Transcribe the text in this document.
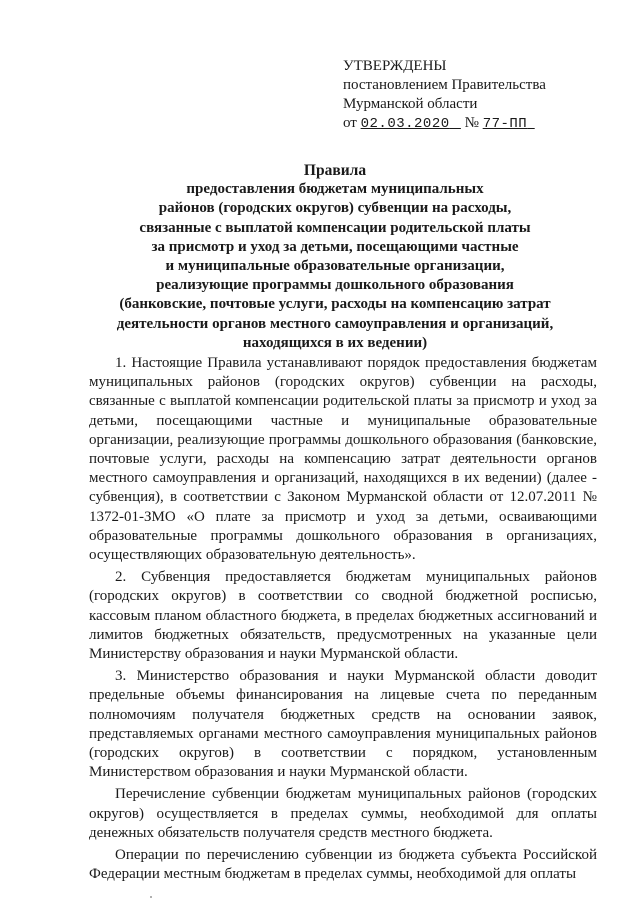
УТВЕРЖДЕНЫ
постановлением Правительства
Мурманской области
от 02.03.2020 № 77-ПП
Правила
предоставления бюджетам муниципальных
районов (городских округов) субвенции на расходы,
связанные с выплатой компенсации родительской платы
за присмотр и уход за детьми, посещающими частные
и муниципальные образовательные организации,
реализующие программы дошкольного образования
(банковские, почтовые услуги, расходы на компенсацию затрат
деятельности органов местного самоуправления и организаций,
находящихся в их ведении)

1. Настоящие Правила устанавливают порядок предоставления бюджетам муниципальных районов (городских округов) субвенции на расходы, связанные с выплатой компенсации родительской платы за присмотр и уход за детьми, посещающими частные и муниципальные образовательные организации, реализующие программы дошкольного образования (банковские, почтовые услуги, расходы на компенсацию затрат деятельности органов местного самоуправления и организаций, находящихся в их ведении) (далее - субвенция), в соответствии с Законом Мурманской области от 12.07.2011 № 1372-01-ЗМО «О плате за присмотр и уход за детьми, осваивающими образовательные программы дошкольного образования в организациях, осуществляющих образовательную деятельность».

2. Субвенция предоставляется бюджетам муниципальных районов (городских округов) в соответствии со сводной бюджетной росписью, кассовым планом областного бюджета, в пределах бюджетных ассигнований и лимитов бюджетных обязательств, предусмотренных на указанные цели Министерству образования и науки Мурманской области.

3. Министерство образования и науки Мурманской области доводит предельные объемы финансирования на лицевые счета по переданным полномочиям получателя бюджетных средств на основании заявок, представляемых органами местного самоуправления муниципальных районов (городских округов) в соответствии с порядком, установленным Министерством образования и науки Мурманской области.

Перечисление субвенции бюджетам муниципальных районов (городских округов) осуществляется в пределах суммы, необходимой для оплаты денежных обязательств получателя средств местного бюджета.

Операции по перечислению субвенции из бюджета субъекта Российской Федерации местным бюджетам в пределах суммы, необходимой для оплаты
